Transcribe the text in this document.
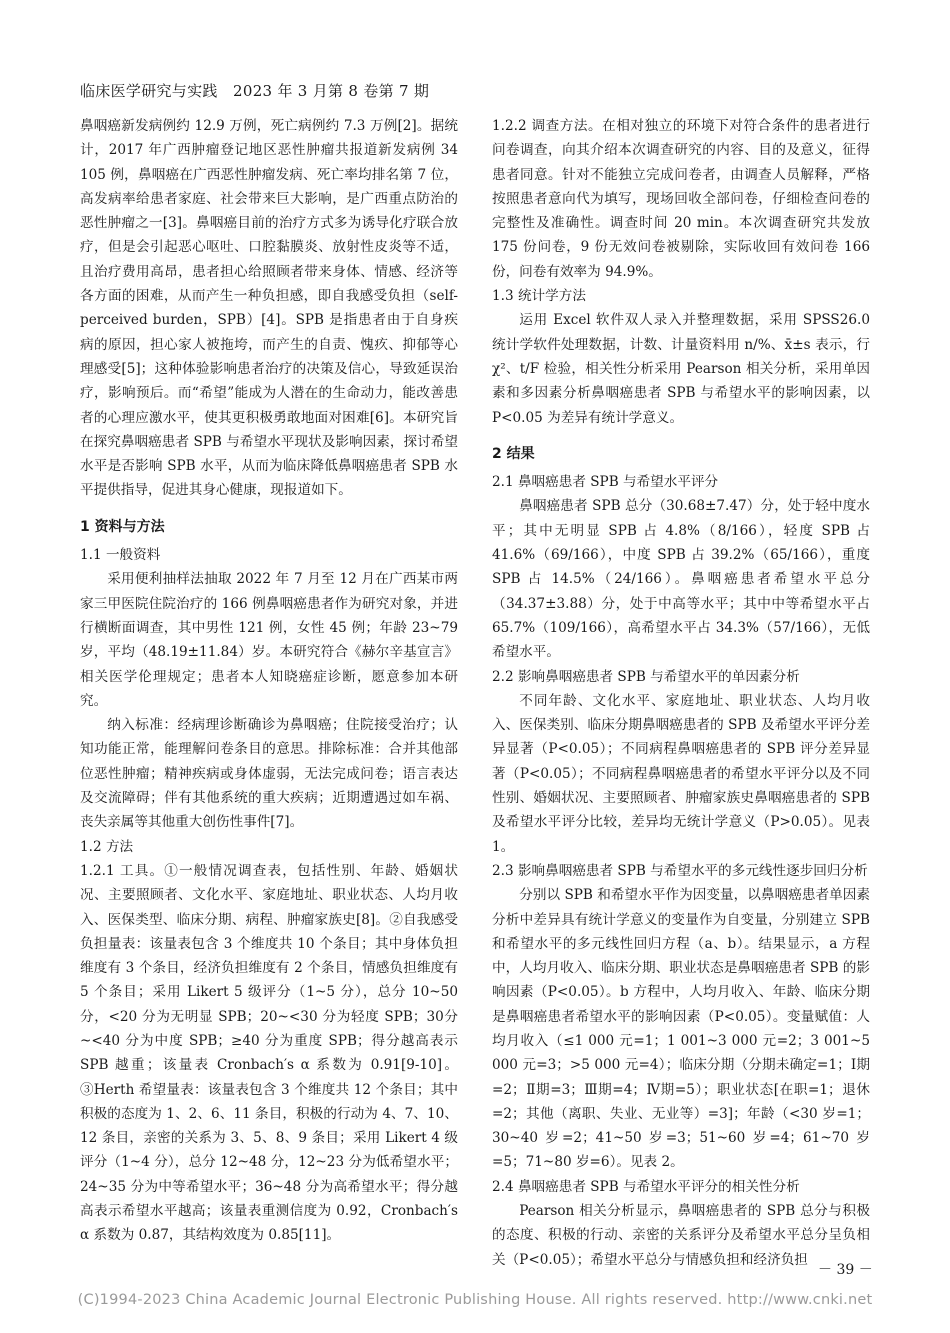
临床医学研究与实践　2023 年 3 月第 8 卷第 7 期

鼻咽癌新发病例约 12.9 万例，死亡病例约 7.3 万例[2]。据统计，2017 年广西肿瘤登记地区恶性肿瘤共报道新发病例 34 105 例，鼻咽癌在广西恶性肿瘤发病、死亡率均排名第 7 位，高发病率给患者家庭、社会带来巨大影响，是广西重点防治的恶性肿瘤之一[3]。鼻咽癌目前的治疗方式多为诱导化疗联合放疗，但是会引起恶心呕吐、口腔黏膜炎、放射性皮炎等不适，且治疗费用高昂，患者担心给照顾者带来身体、情感、经济等各方面的困难，从而产生一种负担感，即自我感受负担（self-perceived burden，SPB）[4]。SPB 是指患者由于自身疾病的原因，担心家人被拖垮，而产生的自责、愧疚、抑郁等心理感受[5]；这种体验影响患者治疗的决策及信心，导致延误治疗，影响预后。而“希望”能成为人潜在的生命动力，能改善患者的心理应激水平，使其更积极勇敢地面对困难[6]。本研究旨在探究鼻咽癌患者 SPB 与希望水平现状及影响因素，探讨希望水平是否影响 SPB 水平，从而为临床降低鼻咽癌患者 SPB 水平提供指导，促进其身心健康，现报道如下。

1 资料与方法

1.1 一般资料

采用便利抽样法抽取 2022 年 7 月至 12 月在广西某市两家三甲医院住院治疗的 166 例鼻咽癌患者作为研究对象，并进行横断面调查，其中男性 121 例，女性 45 例；年龄 23~79 岁，平均（48.19±11.84）岁。本研究符合《赫尔辛基宣言》相关医学伦理规定；患者本人知晓癌症诊断，愿意参加本研究。

纳入标准：经病理诊断确诊为鼻咽癌；住院接受治疗；认知功能正常，能理解问卷条目的意思。排除标准：合并其他部位恶性肿瘤；精神疾病或身体虚弱，无法完成问卷；语言表达及交流障碍；伴有其他系统的重大疾病；近期遭遇过如车祸、丧失亲属等其他重大创伤性事件[7]。

1.2 方法

1.2.1 工具。①一般情况调查表，包括性别、年龄、婚姻状况、主要照顾者、文化水平、家庭地址、职业状态、人均月收入、医保类型、临床分期、病程、肿瘤家族史[8]。②自我感受负担量表：该量表包含 3 个维度共 10 个条目；其中身体负担维度有 3 个条目，经济负担维度有 2 个条目，情感负担维度有 5 个条目；采用 Likert 5 级评分（1~5 分），总分 10~50 分，<20 分为无明显 SPB；20~<30 分为轻度 SPB；30分~<40 分为中度 SPB；≥40 分为重度 SPB；得分越高表示 SPB 越重；该量表 Cronbach′s α 系数为 0.91[9-10]。③Herth 希望量表：该量表包含 3 个维度共 12 个条目；其中积极的态度为 1、2、6、11 条目，积极的行动为 4、7、10、12 条目，亲密的关系为 3、5、8、9 条目；采用 Likert 4 级评分（1~4 分），总分 12~48 分，12~23 分为低希望水平；24~35 分为中等希望水平；36~48 分为高希望水平；得分越高表示希望水平越高；该量表重测信度为 0.92，Cronbach′s α 系数为 0.87，其结构效度为 0.85[11]。

1.2.2 调查方法。在相对独立的环境下对符合条件的患者进行问卷调查，向其介绍本次调查研究的内容、目的及意义，征得患者同意。针对不能独立完成问卷者，由调查人员解释，严格按照患者意向代为填写，现场回收全部问卷，仔细检查问卷的完整性及准确性。调查时间 20 min。本次调查研究共发放 175 份问卷，9 份无效问卷被剔除，实际收回有效问卷 166 份，问卷有效率为 94.9%。

1.3 统计学方法

运用 Excel 软件双人录入并整理数据，采用 SPSS26.0 统计学软件处理数据，计数、计量资料用 n/%、x̄±s 表示，行 χ²、t/F 检验，相关性分析采用 Pearson 相关分析，采用单因素和多因素分析鼻咽癌患者 SPB 与希望水平的影响因素，以 P<0.05 为差异有统计学意义。

2 结果

2.1 鼻咽癌患者 SPB 与希望水平评分

鼻咽癌患者 SPB 总分（30.68±7.47）分，处于轻中度水平；其中无明显 SPB 占 4.8%（8/166），轻度 SPB 占 41.6%（69/166），中度 SPB 占 39.2%（65/166），重度 SPB 占 14.5%（24/166）。鼻咽癌患者希望水平总分（34.37±3.88）分，处于中高等水平；其中中等希望水平占 65.7%（109/166），高希望水平占 34.3%（57/166），无低希望水平。

2.2 影响鼻咽癌患者 SPB 与希望水平的单因素分析

不同年龄、文化水平、家庭地址、职业状态、人均月收入、医保类别、临床分期鼻咽癌患者的 SPB 及希望水平评分差异显著（P<0.05）；不同病程鼻咽癌患者的 SPB 评分差异显著（P<0.05）；不同病程鼻咽癌患者的希望水平评分以及不同性别、婚姻状况、主要照顾者、肿瘤家族史鼻咽癌患者的 SPB 及希望水平评分比较，差异均无统计学意义（P>0.05）。见表 1。

2.3 影响鼻咽癌患者 SPB 与希望水平的多元线性逐步回归分析

分别以 SPB 和希望水平作为因变量，以鼻咽癌患者单因素分析中差异具有统计学意义的变量作为自变量，分别建立 SPB 和希望水平的多元线性回归方程（a、b）。结果显示，a 方程中，人均月收入、临床分期、职业状态是鼻咽癌患者 SPB 的影响因素（P<0.05）。b 方程中，人均月收入、年龄、临床分期是鼻咽癌患者希望水平的影响因素（P<0.05）。变量赋值：人均月收入（≤1 000 元=1；1 001~3 000 元=2；3 001~5 000 元=3；>5 000 元=4）；临床分期（分期未确定=1；Ⅰ期=2；Ⅱ期=3；Ⅲ期=4；Ⅳ期=5）；职业状态[在职=1；退休=2；其他（离职、失业、无业等）=3]；年龄（<30 岁=1；30~40 岁=2；41~50 岁=3；51~60 岁=4；61~70 岁=5；71~80 岁=6）。见表 2。

2.4 鼻咽癌患者 SPB 与希望水平评分的相关性分析

Pearson 相关分析显示，鼻咽癌患者的 SPB 总分与积极的态度、积极的行动、亲密的关系评分及希望水平总分呈负相关（P<0.05）；希望水平总分与情感负担和经济负担

－ 39 －
(C)1994-2023 China Academic Journal Electronic Publishing House. All rights reserved. http://www.cnki.net
